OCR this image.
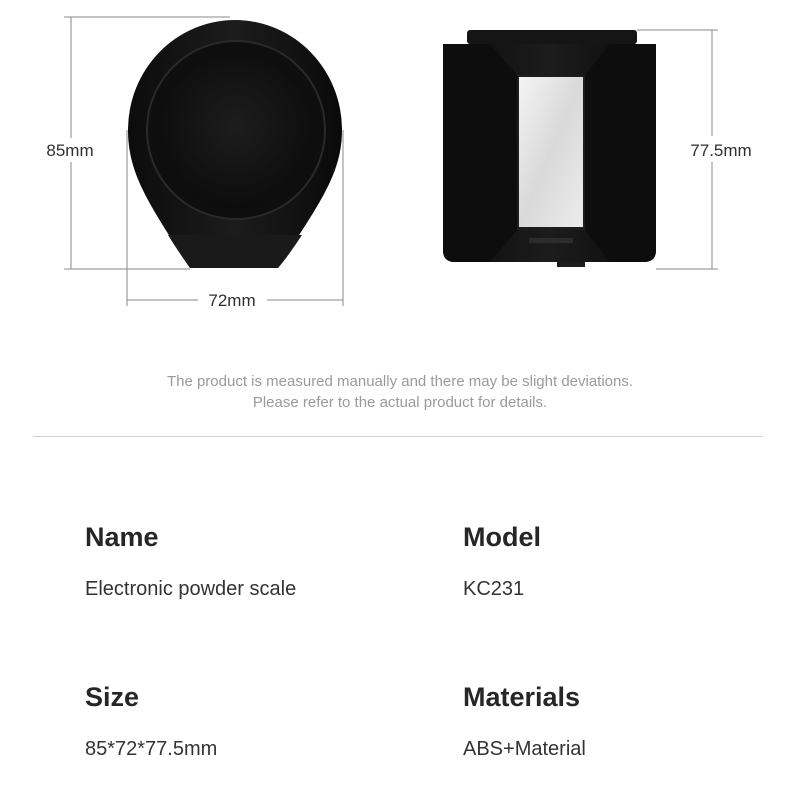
85mm
72mm
77.5mm
The product is measured manually and there may be slight deviations.
Please refer to the actual product for details.
Name
Electronic powder scale
Model
KC231
Size
85*72*77.5mm
Materials
ABS+Material
